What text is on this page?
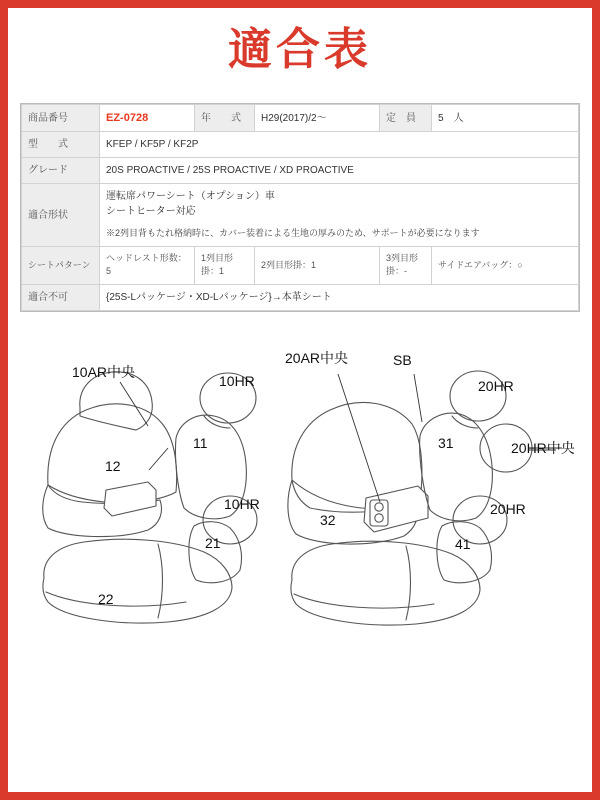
適合表
商品番号	EZ-0728	年　　式	H29(2017)/2〜	定　員	5　人
型　　式	KFEP / KF5P / KF2P				
グレード	20S PROACTIVE / 25S PROACTIVE / XD PROACTIVE				
適合形状	運転席パワーシート（オプション）車
シートヒーター対応
※2列目背もたれ格納時に、カバー装着による生地の厚みのため、サポートが必要になります				

シートパターン	ヘッドレスト形数：5	1列目形掛：1	2列目形掛：1	3列目形掛：-	サイドエアバッグ：○
適合不可	{25S-Lパッケージ・XD-Lパッケージ}→本革シート				
10AR中央
10HR
11
12
10HR
21
22
20AR中央	SB
20HR
20HR中央
31
32
20HR
41
